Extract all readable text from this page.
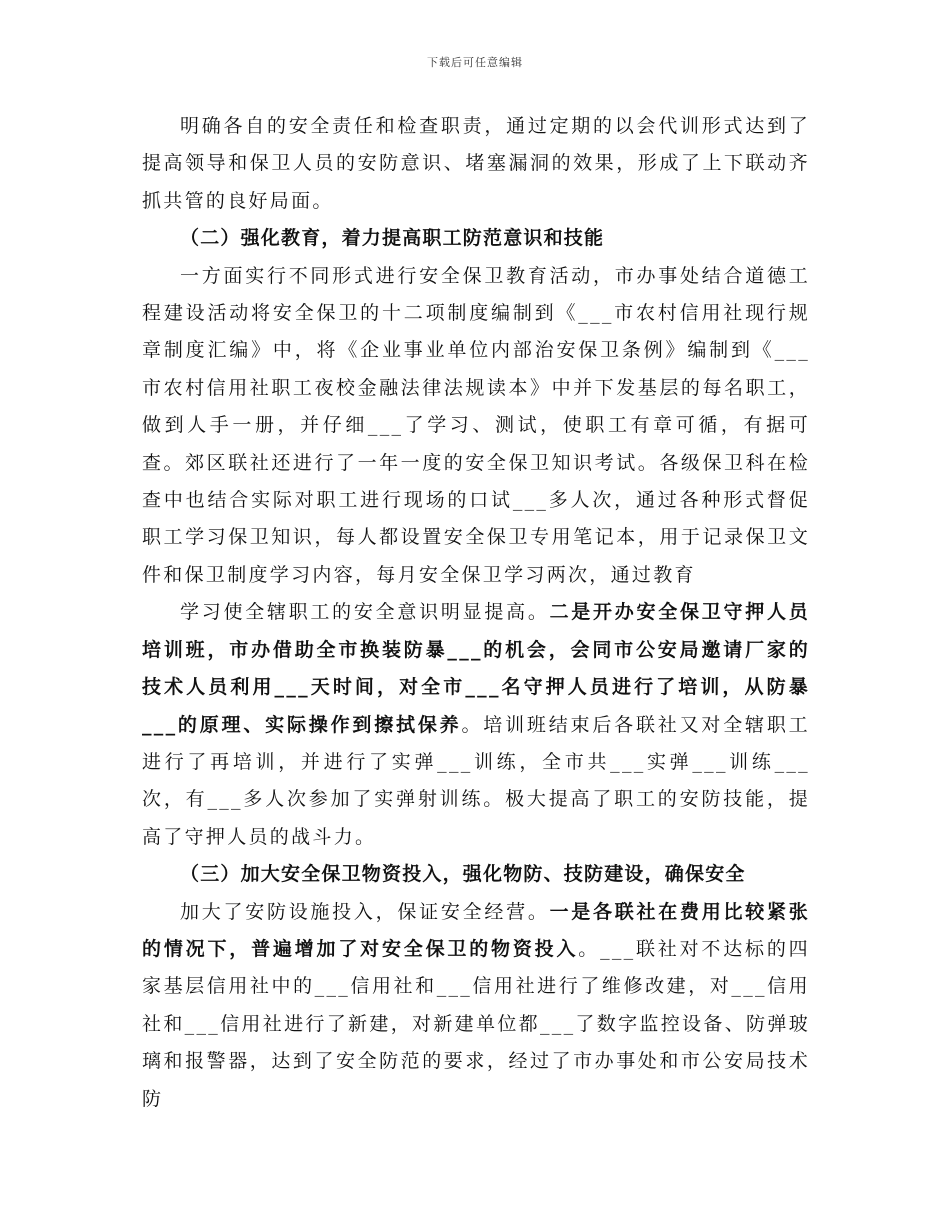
下载后可任意编辑

明确各自的安全责任和检查职责，通过定期的以会代训形式达到了提高领导和保卫人员的安防意识、堵塞漏洞的效果，形成了上下联动齐抓共管的良好局面。

（二）强化教育，着力提高职工防范意识和技能

一方面实行不同形式进行安全保卫教育活动，市办事处结合道德工程建设活动将安全保卫的十二项制度编制到《___市农村信用社现行规章制度汇编》中，将《企业事业单位内部治安保卫条例》编制到《___市农村信用社职工夜校金融法律法规读本》中并下发基层的每名职工，做到人手一册，并仔细___了学习、测试，使职工有章可循，有据可查。郊区联社还进行了一年一度的安全保卫知识考试。各级保卫科在检查中也结合实际对职工进行现场的口试___多人次，通过各种形式督促职工学习保卫知识，每人都设置安全保卫专用笔记本，用于记录保卫文件和保卫制度学习内容，每月安全保卫学习两次，通过教育

学习使全辖职工的安全意识明显提高。二是开办安全保卫守押人员培训班，市办借助全市换装防暴___的机会，会同市公安局邀请厂家的技术人员利用___天时间，对全市___名守押人员进行了培训，从防暴___的原理、实际操作到擦拭保养。培训班结束后各联社又对全辖职工进行了再培训，并进行了实弹___训练，全市共___实弹___训练___次，有___多人次参加了实弹射训练。极大提高了职工的安防技能，提高了守押人员的战斗力。

（三）加大安全保卫物资投入，强化物防、技防建设，确保安全

加大了安防设施投入，保证安全经营。一是各联社在费用比较紧张的情况下，普遍增加了对安全保卫的物资投入。___联社对不达标的四家基层信用社中的___信用社和___信用社进行了维修改建，对___信用社和___信用社进行了新建，对新建单位都___了数字监控设备、防弹玻璃和报警器，达到了安全防范的要求，经过了市办事处和市公安局技术防
